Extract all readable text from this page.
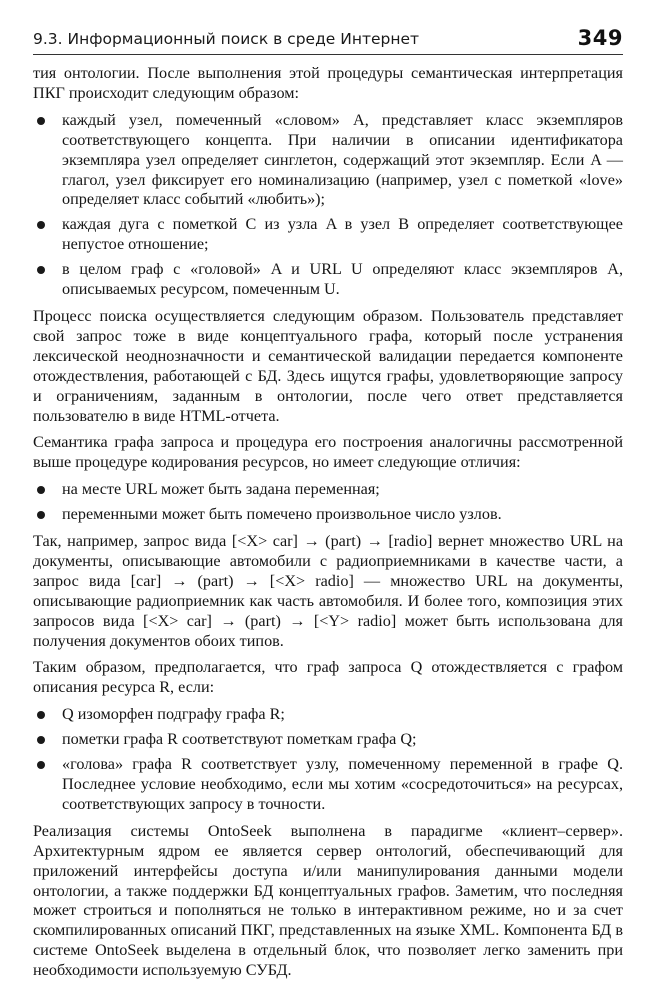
9.3. Информационный поиск в среде Интернет	349

тия онтологии. После выполнения этой процедуры семантическая интерпретация ПКГ происходит следующим образом:

каждый узел, помеченный «словом» A, представляет класс экземпляров соответствующего концепта. При наличии в описании идентификатора экземпляра узел определяет синглетон, содержащий этот экземпляр. Если A — глагол, узел фиксирует его номинализацию (например, узел с пометкой «love» определяет класс событий «любить»);
каждая дуга с пометкой C из узла A в узел B определяет соответствующее непустое отношение;
в целом граф с «головой» A и URL U определяют класс экземпляров A, описываемых ресурсом, помеченным U.

Процесс поиска осуществляется следующим образом. Пользователь представляет свой запрос тоже в виде концептуального графа, который после устранения лексической неоднозначности и семантической валидации передается компоненте отождествления, работающей с БД. Здесь ищутся графы, удовлетворяющие запросу и ограничениям, заданным в онтологии, после чего ответ представляется пользователю в виде HTML-отчета.

Семантика графа запроса и процедура его построения аналогичны рассмотренной выше процедуре кодирования ресурсов, но имеет следующие отличия:

на месте URL может быть задана переменная;
переменными может быть помечено произвольное число узлов.

Так, например, запрос вида [<X> car] → (part) → [radio] вернет множество URL на документы, описывающие автомобили с радиоприемниками в качестве части, а запрос вида [car] → (part) → [<X> radio] — множество URL на документы, описывающие радиоприемник как часть автомобиля. И более того, композиция этих запросов вида [<X> car] → (part) → [<Y> radio] может быть использована для получения документов обоих типов.

Таким образом, предполагается, что граф запроса Q отождествляется с графом описания ресурса R, если:

Q изоморфен подграфу графа R;
пометки графа R соответствуют пометкам графа Q;
«голова» графа R соответствует узлу, помеченному переменной в графе Q. Последнее условие необходимо, если мы хотим «сосредоточиться» на ресурсах, соответствующих запросу в точности.

Реализация системы OntoSeek выполнена в парадигме «клиент–сервер». Архитектурным ядром ее является сервер онтологий, обеспечивающий для приложений интерфейсы доступа и/или манипулирования данными модели онтологии, а также поддержки БД концептуальных графов. Заметим, что последняя может строиться и пополняться не только в интерактивном режиме, но и за счет скомпилированных описаний ПКГ, представленных на языке XML. Компонента БД в системе OntoSeek выделена в отдельный блок, что позволяет легко заменить при необходимости используемую СУБД.
